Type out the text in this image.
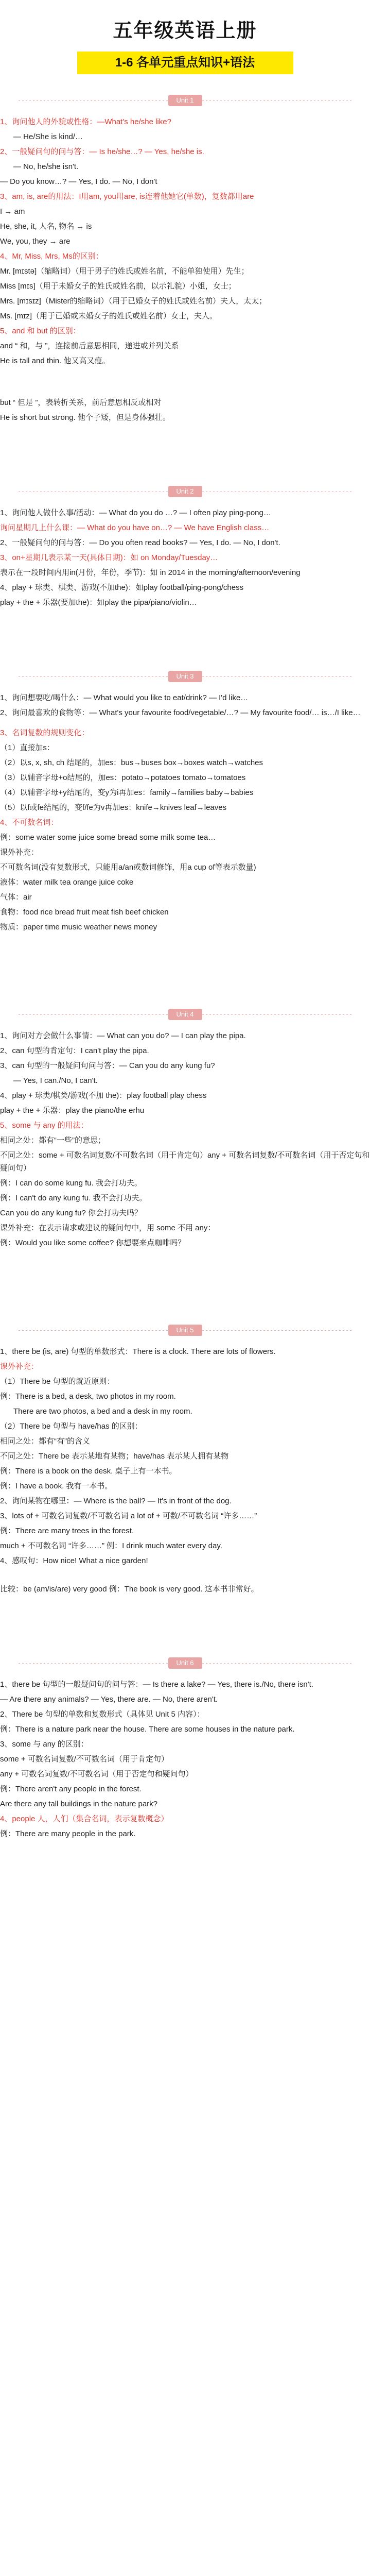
五年级英语上册
1-6 各单元重点知识+语法
Unit 1

1、询问他人的外貌或性格：—What's he/she like?

— He/She is kind/…

2、一般疑问句的问与答：— Is he/she…? — Yes, he/she is.

— No, he/she isn't.

— Do you know…? — Yes, I do. — No, I don't

3、am, is, are的用法：I用am, you用are, is连着他她它(单数)，复数都用are

I → am

He, she, it, 人名, 物名 → is

We, you, they → are

4、Mr, Miss, Mrs, Ms的区别：

Mr. [mɪstə]（缩略词）（用于男子的姓氏或姓名前，不能单独使用）先生；

Miss [mɪs]（用于未婚女子的姓氏或姓名前，以示礼貌）小姐，女士；

Mrs. [mɪsɪz]（Mister的缩略词）（用于已婚女子的姓氏或姓名前）夫人，太太；

Ms. [mɪz]（用于已婚或未婚女子的姓氏或姓名前）女士，夫人。

5、and 和 but 的区别：

and “ 和，与 ”，连接前后意思相同，递进或并列关系

He is tall and thin. 他又高又瘦。

but “ 但是 ”，表转折关系，前后意思相反或相对

He is short but strong. 他个子矮，但是身体强壮。

Unit 2

1、询问他人做什么事/活动：— What do you do …? — I often play ping-pong…

询问星期几上什么课：— What do you have on…? — We have English class…

2、一般疑问句的问与答：— Do you often read books? — Yes, I do. — No, I don't.

3、on+星期几表示某一天(具体日期)：如 on Monday/Tuesday…

表示在一段时间内用in(月份，年份，季节)：如 in 2014 in the morning/afternoon/evening

4、play + 球类、棋类、游戏(不加the)：如play football/ping-pong/chess

play + the + 乐器(要加the)：如play the pipa/piano/violin…

Unit 3

1、询问想要吃/喝什么：— What would you like to eat/drink? — I'd like…

2、询问最喜欢的食物等：— What's your favourite food/vegetable/…? — My favourite food/… is…/I like…

3、名词复数的规则变化：

（1）直接加s：

（2）以s, x, sh, ch 结尾的，加es：bus→buses box→boxes watch→watches

（3）以辅音字母+o结尾的，加es：potato→potatoes tomato→tomatoes

（4）以辅音字母+y结尾的，变y为i再加es：family→families baby→babies

（5）以f或fe结尾的，变f/fe为v再加es：knife→knives leaf→leaves

4、不可数名词：

例：some water some juice some bread some milk some tea…

课外补充：

不可数名词(没有复数形式，只能用a/an或数词修饰，用a cup of等表示数量)

液体：water milk tea orange juice coke

气体：air

食物：food rice bread fruit meat fish beef chicken

物质：paper time music weather news money

Unit 4

1、询问对方会做什么事情：— What can you do? — I can play the pipa.

2、can 句型的肯定句：I can't play the pipa.

3、can 句型的一般疑问句问与答：— Can you do any kung fu?

— Yes, I can./No, I can't.

4、play + 球类/棋类/游戏(不加 the)：play football play chess

play + the + 乐器：play the piano/the erhu

5、some 与 any 的用法：

相同之处：都有“一些”的意思；

不同之处：some + 可数名词复数/不可数名词（用于肯定句）any + 可数名词复数/不可数名词（用于否定句和疑问句）

例：I can do some kung fu. 我会打功夫。

例：I can't do any kung fu. 我不会打功夫。

Can you do any kung fu? 你会打功夫吗？

课外补充：在表示请求或建议的疑问句中，用 some 不用 any：

例：Would you like some coffee? 你想要来点咖啡吗？

Unit 5

1、there be (is, are) 句型的单数形式：There is a clock. There are lots of flowers.

课外补充：

（1）There be 句型的就近原则：

例：There is a bed, a desk, two photos in my room.

There are two photos, a bed and a desk in my room.

（2）There be 句型与 have/has 的区别：

相同之处：都有“有”的含义

不同之处：There be 表示某地有某物；have/has 表示某人拥有某物

例：There is a book on the desk. 桌子上有一本书。

例：I have a book. 我有一本书。

2、询问某物在哪里：— Where is the ball? — It's in front of the dog.

3、lots of + 可数名词复数/不可数名词 a lot of + 可数/不可数名词 “许多……”

例：There are many trees in the forest.

much + 不可数名词 “许多……” 例：I drink much water every day.

4、感叹句：How nice! What a nice garden!

比较：be (am/is/are) very good 例：The book is very good. 这本书非常好。

Unit 6

1、there be 句型的一般疑问句的问与答：— Is there a lake? — Yes, there is./No, there isn't.

— Are there any animals? — Yes, there are. — No, there aren't.

2、There be 句型的单数和复数形式（具体见 Unit 5 内容）：

例：There is a nature park near the house. There are some houses in the nature park.

3、some 与 any 的区别：

some + 可数名词复数/不可数名词（用于肯定句）

any + 可数名词复数/不可数名词（用于否定句和疑问句）

例：There aren't any people in the forest.

Are there any tall buildings in the nature park?

4、people 人，人们（集合名词，表示复数概念）

例：There are many people in the park.
